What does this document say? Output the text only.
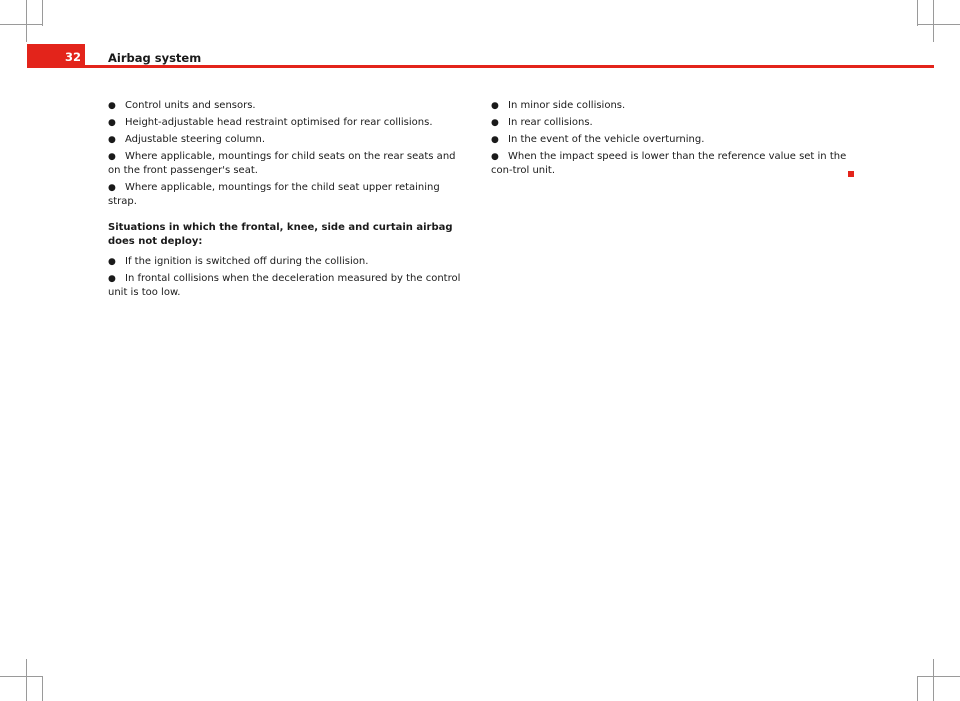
32 Airbag system

● Control units and sensors.

● Height-adjustable head restraint optimised for rear collisions.

● Adjustable steering column.

● Where applicable, mountings for child seats on the rear seats and on the front passenger's seat.

● Where applicable, mountings for the child seat upper retaining strap.

Situations in which the frontal, knee, side and curtain airbag does not deploy:

● If the ignition is switched off during the collision.

● In frontal collisions when the deceleration measured by the control unit is too low.

● In minor side collisions.

● In rear collisions.

● In the event of the vehicle overturning.

● When the impact speed is lower than the reference value set in the con-trol unit.
